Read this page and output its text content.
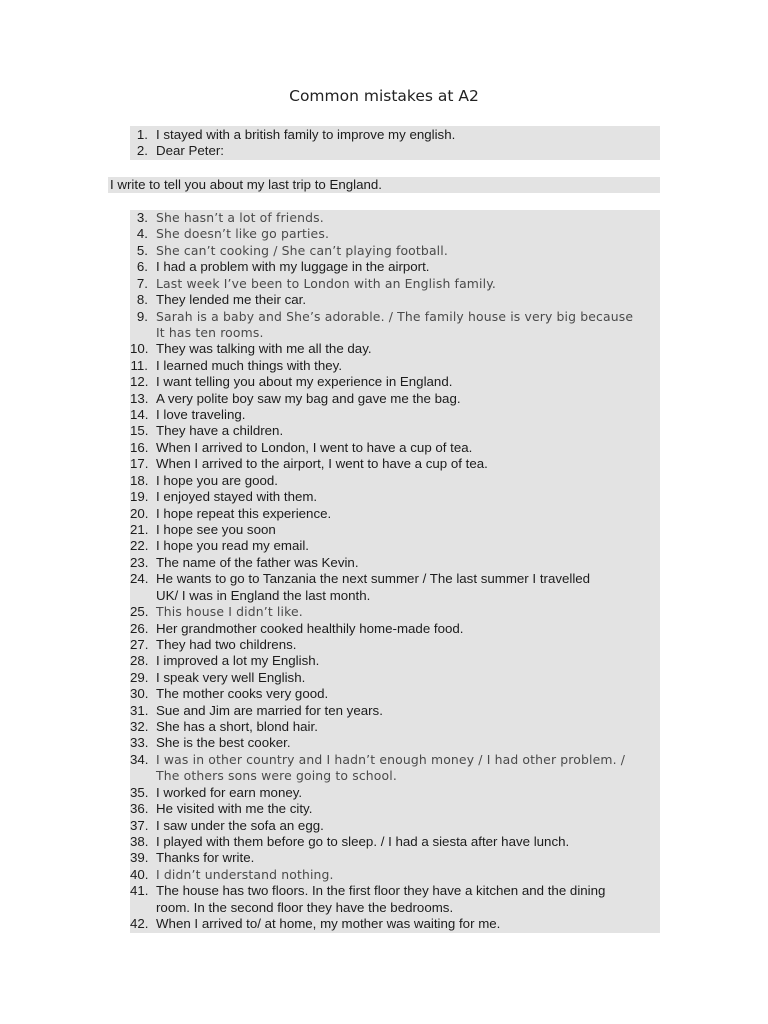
Common mistakes at A2
I write to tell you about my last trip to England.
1. I stayed with a british family to improve my english.
2. Dear Peter:
3. She hasn’t a lot of friends.
4. She doesn’t like go parties.
5. She can’t cooking / She can’t playing football.
6. I had a problem with my luggage in the airport.
7. Last week I’ve been to London with an English family.
8. They lended me their car.
9. Sarah is a baby and She’s adorable. / The family house is very big because
It has ten rooms.
10. They was talking with me all the day.
11. I learned much things with they.
12. I want telling you about my experience in England.
13. A very polite boy saw my bag and gave me the bag.
14. I love traveling.
15. They have a children.
16. When I arrived to London, I went to have a cup of tea.
17. When I arrived to the airport, I went to have a cup of tea.
18. I hope you are good.
19. I enjoyed stayed with them.
20. I hope repeat this experience.
21. I hope see you soon
22. I hope you read my email.
23. The name of the father was Kevin.
24. He wants to go to Tanzania the next summer / The last summer I travelled
UK/ I was in England the last month.
25. This house I didn’t like.
26. Her grandmother cooked healthily home-made food.
27. They had two childrens.
28. I improved a lot my English.
29. I speak very well English.
30. The mother cooks very good.
31. Sue and Jim are married for ten years.
32. She has a short, blond hair.
33. She is the best cooker.
34. I was in other country and I hadn’t enough money / I had other problem. /
The others sons were going to school.
35. I worked for earn money.
36. He visited with me the city.
37. I saw under the sofa an egg.
38. I played with them before go to sleep. / I had a siesta after have lunch.
39. Thanks for write.
40. I didn’t understand nothing.
41. The house has two floors. In the first floor they have a kitchen and the dining
room. In the second floor they have the bedrooms.
42. When I arrived to/ at home, my mother was waiting for me.
